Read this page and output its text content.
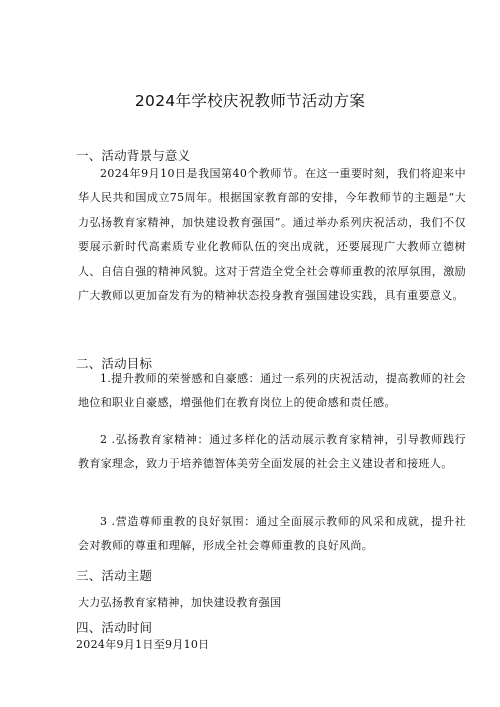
2024年学校庆祝教师节活动方案
一、活动背景与意义
2024年9月10日是我国第40个教师节。在这一重要时刻，我们将迎来中华人民共和国成立75周年。根据国家教育部的安排，今年教师节的主题是“大力弘扬教育家精神，加快建设教育强国”。通过举办系列庆祝活动，我们不仅要展示新时代高素质专业化教师队伍的突出成就，还要展现广大教师立德树人、自信自强的精神风貌。这对于营造全党全社会尊师重教的浓厚氛围，激励广大教师以更加奋发有为的精神状态投身教育强国建设实践，具有重要意义。
二、活动目标
1.提升教师的荣誉感和自豪感：通过一系列的庆祝活动，提高教师的社会地位和职业自豪感，增强他们在教育岗位上的使命感和责任感。
2 .弘扬教育家精神：通过多样化的活动展示教育家精神，引导教师践行教育家理念，致力于培养德智体美劳全面发展的社会主义建设者和接班人。
3 .营造尊师重教的良好氛围：通过全面展示教师的风采和成就，提升社会对教师的尊重和理解，形成全社会尊师重教的良好风尚。
三、活动主题
大力弘扬教育家精神，加快建设教育强国
四、活动时间
2024年9月1日至9月10日
